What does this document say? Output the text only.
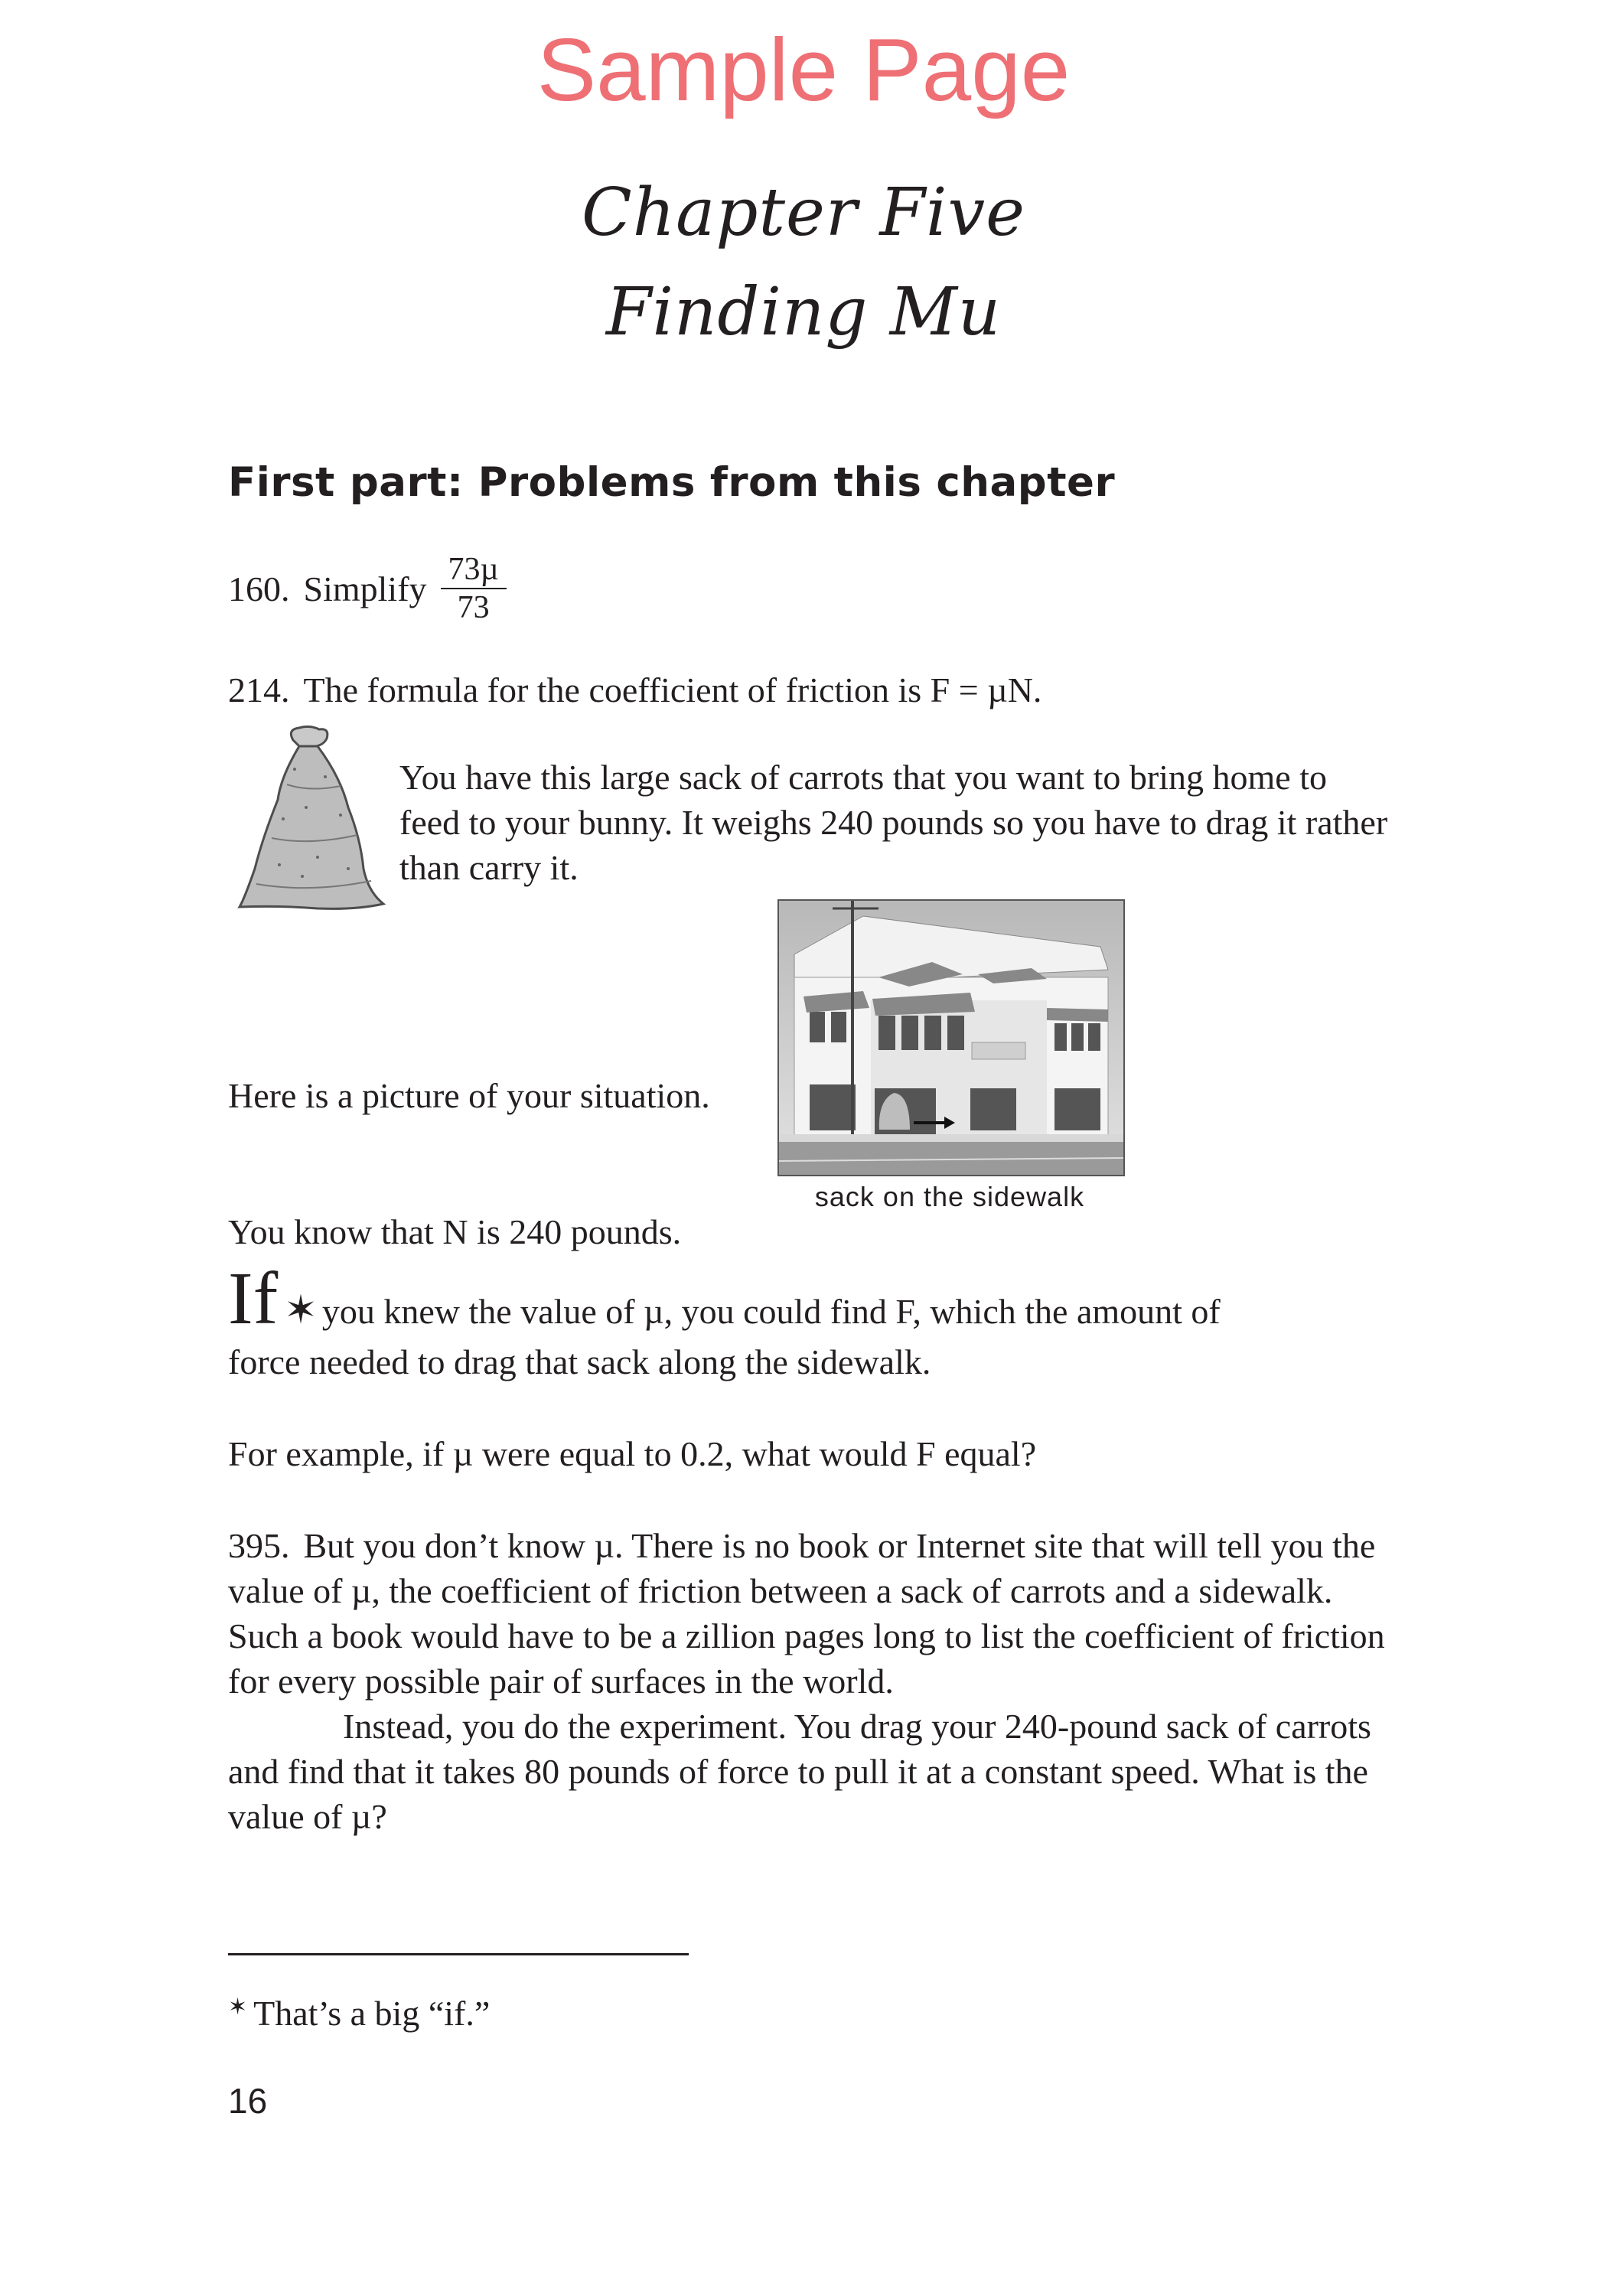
Sample Page
Chapter Five
Finding Mu
First part: Problems from this chapter
160. Simplify $\frac{\text{73µ}}{73}$
214. The formula for the coefficient of friction is F = µN.
You have this large sack of carrots that you want to bring home to feed to your bunny. It weighs 240 pounds so you have to drag it rather than carry it.
Here is a picture of your situation.
sack on the sidewalk
You know that N is 240 pounds.
If ✶ you knew the value of µ, you could find F, which the amount of
force needed to drag that sack along the sidewalk.
For example, if µ were equal to 0.2, what would F equal?

395. But you don’t know µ. There is no book or Internet site that will tell you the value of µ, the coefficient of friction between a sack of carrots and a sidewalk. Such a book would have to be a zillion pages long to list the coefficient of friction for every possible pair of surfaces in the world.

Instead, you do the experiment. You drag your 240-pound sack of carrots and find that it takes 80 pounds of force to pull it at a constant speed. What is the value of µ?

✶ That’s a big “if.”
16
